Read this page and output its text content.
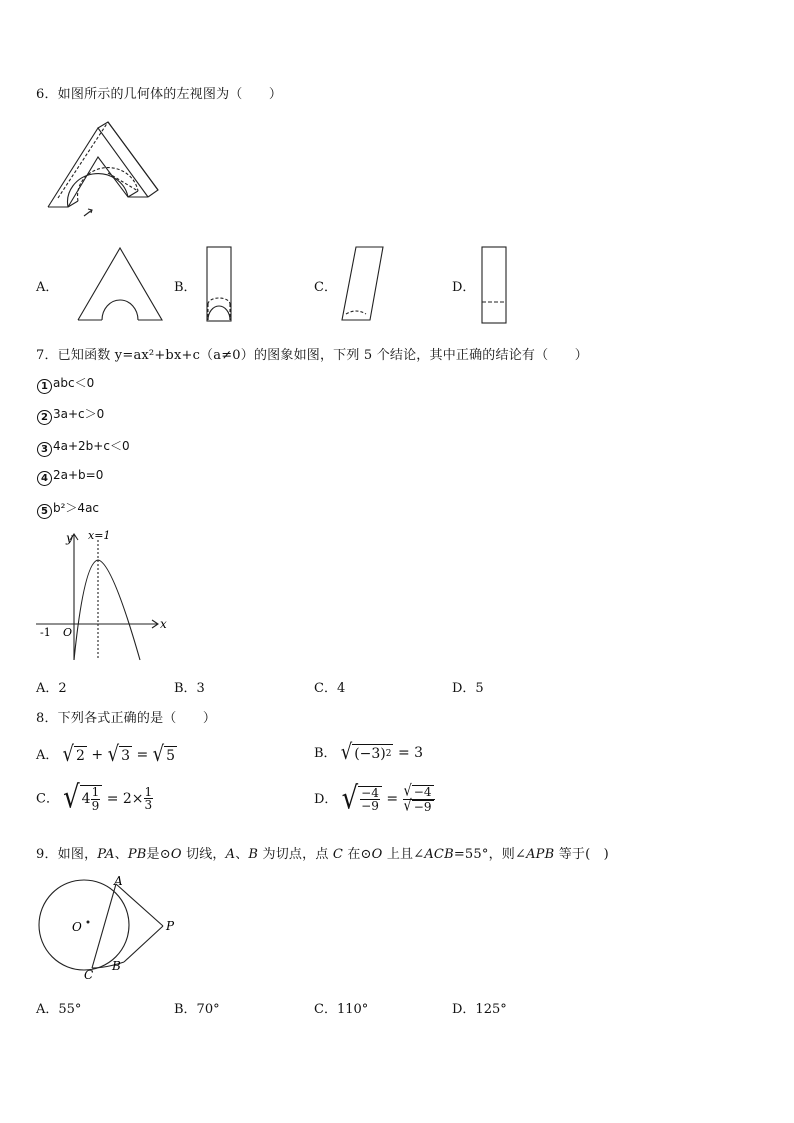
6．如图所示的几何体的左视图为（　　）
A．	B．	C．	D．
7．已知函数 y=ax²+bx+c（a≠0）的图象如图，下列 5 个结论，其中正确的结论有（　　）
1 abc＜0
2 3a+c＞0
3 4a+2b+c＜0
4 2a+b=0
5 b²＞4ac
y
x
x=1
-1 O
A．2	B．3	C．4	D．5
8．下列各式正确的是（　　）
A． √ 2 + √ 3 = √ 5	B． √ (−3) 2 = 3
C． √ $4 \frac{1}{9} = 2\times \frac{1}{3}$	D． √ $\frac{-4}{-9} = \frac{√ -4}{√ -9}$
9．如图，PA、PB是⊙O 切线，A、B 为切点，点 C 在⊙O 上且∠ACB=55°，则∠APB 等于(　)
A
B
C
O	P
A．55°	B．70°	C．110°	D．125°
